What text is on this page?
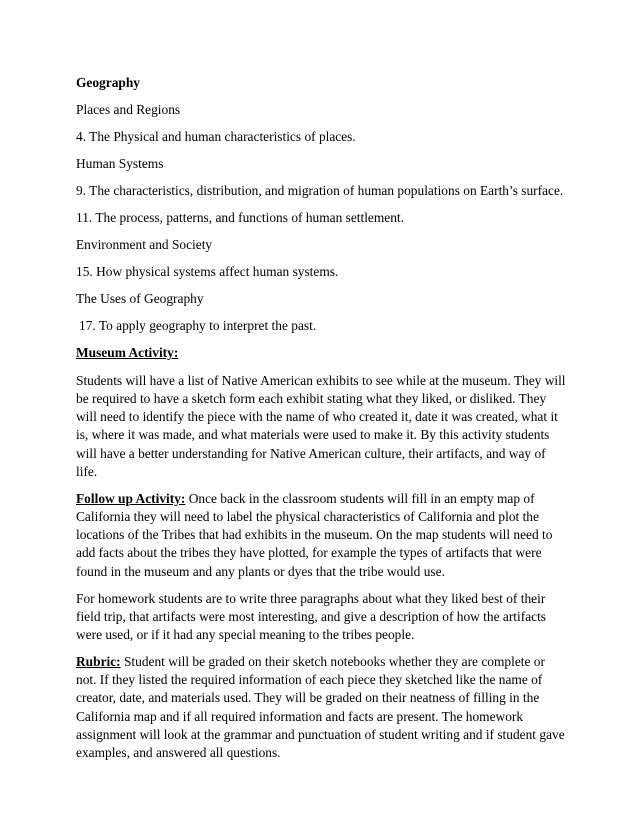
Geography
Places and Regions
4. The Physical and human characteristics of places.
Human Systems
9. The characteristics, distribution, and migration of human populations on Earth’s surface.
11. The process, patterns, and functions of human settlement.
Environment and Society
15. How physical systems affect human systems.
The Uses of Geography
17. To apply geography to interpret the past.
Museum Activity:

Students will have a list of Native American exhibits to see while at the museum. They will be required to have a sketch form each exhibit stating what they liked, or disliked. They will need to identify the piece with the name of who created it, date it was created, what it is, where it was made, and what materials were used to make it. By this activity students will have a better understanding for Native American culture, their artifacts, and way of life.

Follow up Activity: Once back in the classroom students will fill in an empty map of California they will need to label the physical characteristics of California and plot the locations of the Tribes that had exhibits in the museum. On the map students will need to add facts about the tribes they have plotted, for example the types of artifacts that were found in the museum and any plants or dyes that the tribe would use.

For homework students are to write three paragraphs about what they liked best of their field trip, that artifacts were most interesting, and give a description of how the artifacts were used, or if it had any special meaning to the tribes people.

Rubric: Student will be graded on their sketch notebooks whether they are complete or not. If they listed the required information of each piece they sketched like the name of creator, date, and materials used. They will be graded on their neatness of filling in the California map and if all required information and facts are present. The homework assignment will look at the grammar and punctuation of student writing and if student gave examples, and answered all questions.
